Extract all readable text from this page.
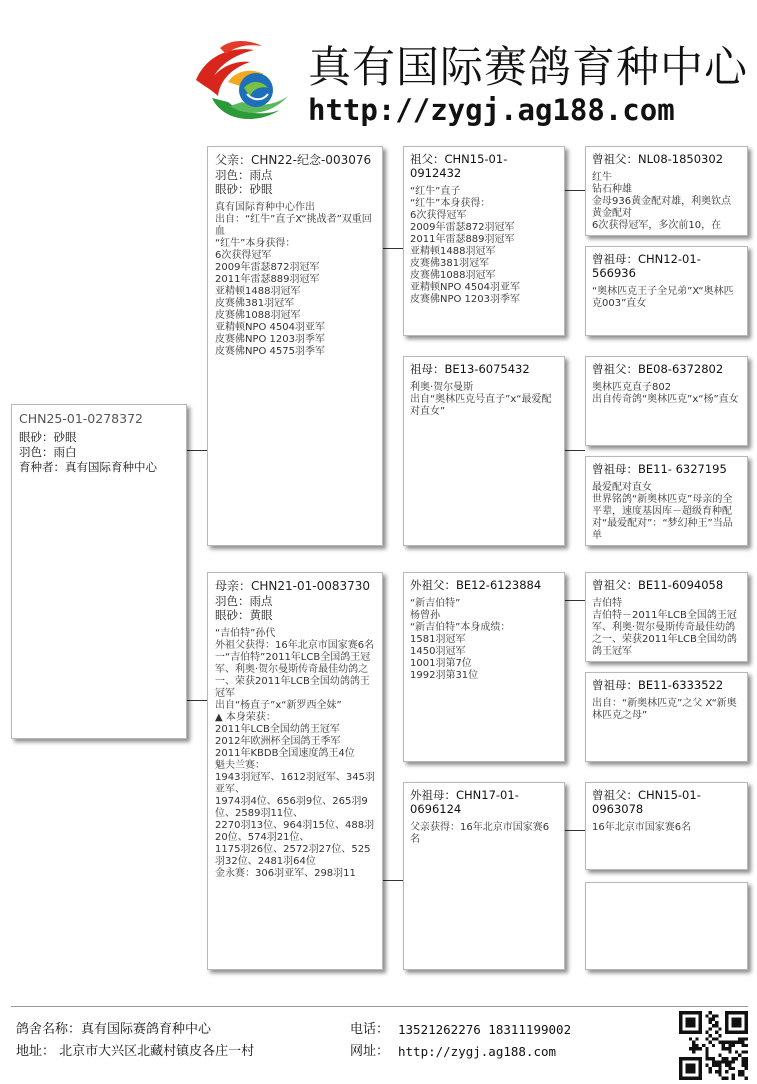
真有国际赛鸽育种中心
http://zygj.ag188.com
CHN25-01-0278372
眼砂：砂眼
羽色：雨白
育种者：真有国际育种中心
父亲：CHN22-纪念-003076
羽色：雨点
眼砂：砂眼
真有国际育种中心作出
出自：“红牛”直子X“挑战者”双重回血
“红牛”本身获得：
6次获得冠军
2009年雷瑟872羽冠军
2011年雷瑟889羽冠军
亚精顿1488羽冠军
皮赛佛381羽冠军
皮赛佛1088羽冠军
亚精顿NPO 4504羽亚军
皮赛佛NPO 1203羽季军
皮赛佛NPO 4575羽季军
母亲：CHN21-01-0083730
羽色：雨点
眼砂：黄眼
“吉伯特”孙代
外祖父获得：16年北京市国家赛6名
一“吉伯特”2011年LCB全国鸽王冠军、利奥·贺尔曼斯传奇最佳幼鸽之一、荣获2011年LCB全国幼鸽鸽王冠军
出自“杨直子”x“新罗西全妹”
▲ 本身荣获：
2011年LCB全国幼鸽王冠军
2012年欧洲杯全国鸽王季军
2011年KBDB全国速度鸽王4位
魁夫兰赛：
1943羽冠军、1612羽冠军、345羽亚军、
1974羽4位、656羽9位、265羽9位、2589羽11位、
2270羽13位、964羽15位、488羽20位、574羽21位、
1175羽26位、2572羽27位、525羽32位、2481羽64位
金永赛：306羽亚军、298羽11
祖父：CHN15-01-0912432
“红牛”直子
“红牛”本身获得：
6次获得冠军
2009年雷瑟872羽冠军
2011年雷瑟889羽冠军
亚精顿1488羽冠军
皮赛佛381羽冠军
皮赛佛1088羽冠军
亚精顿NPO 4504羽亚军
皮赛佛NPO 1203羽季军
祖母：BE13-6075432
利奥·贺尔曼斯
出自“奥林匹克号直子”x“最爱配对直女”
外祖父：BE12-6123884
“新吉伯特”
杨曾孙
“新吉伯特”本身成绩：
1581羽冠军
1450羽冠军
1001羽第7位
1992羽第31位
外祖母：CHN17-01-0696124
父亲获得：16年北京市国家赛6名
曾祖父：NL08-1850302
红牛
钻石种雄
金母936黄金配对雄，利奥钦点黄金配对
6次获得冠军，多次前10，在
曾祖母：CHN12-01-566936
“奥林匹克王子全兄弟”X“奥林匹克003”直女
曾祖父：BE08-6372802
奥林匹克直子802
出自传奇鸽“奥林匹克”x“杨”直女
曾祖母：BE11- 6327195
最爱配对直女
世界铭鸽“新奥林匹克”母亲的全平辈，速度基因库－超级育种配对“最爱配对”：“梦幻种王”当品单
曾祖父：BE11-6094058
吉伯特
吉伯特－2011年LCB全国鸽王冠军、利奥·贺尔曼斯传奇最佳幼鸽之一、荣获2011年LCB全国幼鸽鸽王冠军
曾祖母：BE11-6333522
出自：“新奥林匹克”之父 X“新奥林匹克之母”
曾祖父：CHN15-01-0963078
16年北京市国家赛6名
鸽舍名称：真有国际赛鸽育种中心
地址： 北京市大兴区北藏村镇皮各庄一村
电话： 13521262276 18311199002
网址： http://zygj.ag188.com
